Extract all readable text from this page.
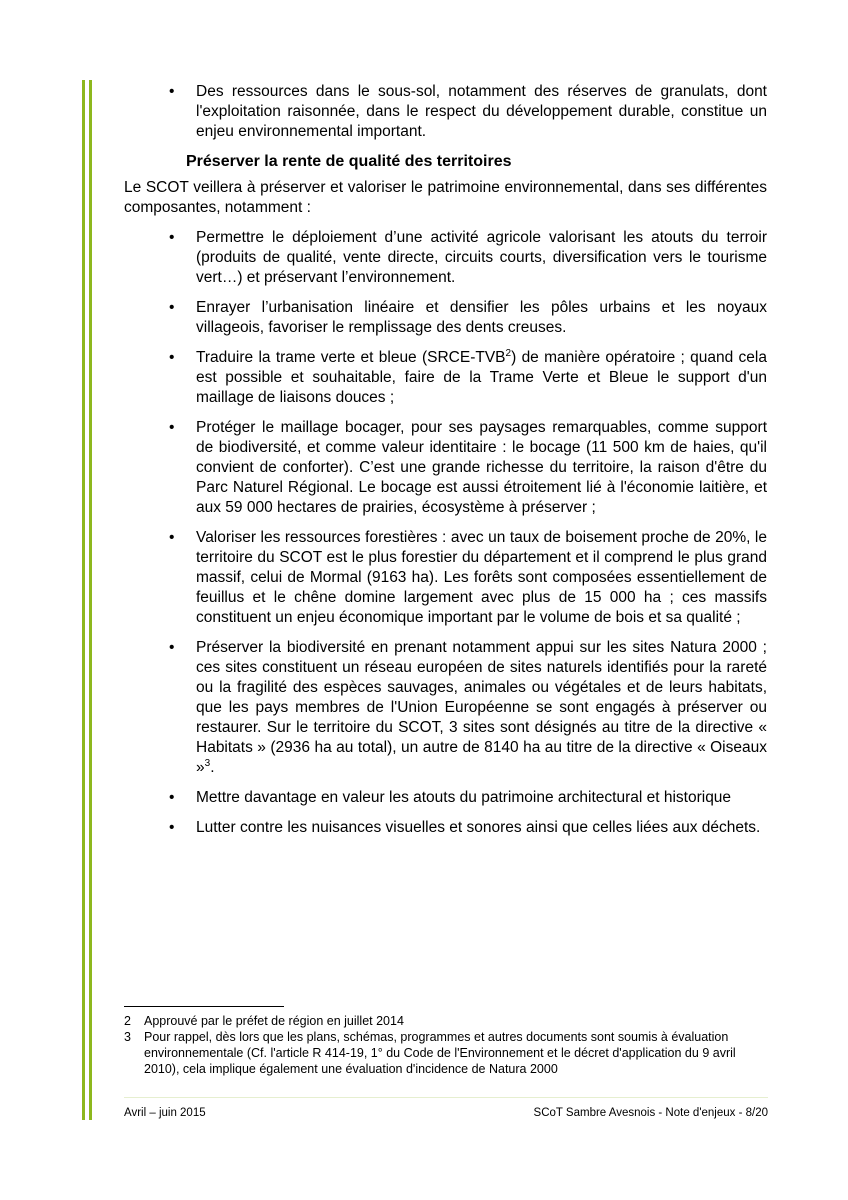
• Des ressources dans le sous-sol, notamment des réserves de granulats, dont l'exploitation raisonnée, dans le respect du développement durable, constitue un enjeu environnemental important.
Préserver la rente de qualité des territoires

Le SCOT veillera à préserver et valoriser le patrimoine environnemental, dans ses différentes composantes, notamment :

• Permettre le déploiement d’une activité agricole valorisant les atouts du terroir (produits de qualité, vente directe, circuits courts, diversification vers le tourisme vert…) et préservant l’environnement.
• Enrayer l’urbanisation linéaire et densifier les pôles urbains et les noyaux villageois, favoriser le remplissage des dents creuses.
• Traduire la trame verte et bleue (SRCE-TVB$^2$) de manière opératoire ; quand cela est possible et souhaitable, faire de la Trame Verte et Bleue le support d'un maillage de liaisons douces ;
• Protéger le maillage bocager, pour ses paysages remarquables, comme support de biodiversité, et comme valeur identitaire : le bocage (11 500 km de haies, qu'il convient de conforter). C’est une grande richesse du territoire, la raison d'être du Parc Naturel Régional. Le bocage est aussi étroitement lié à l'économie laitière, et aux 59 000 hectares de prairies, écosystème à préserver ;
• Valoriser les ressources forestières : avec un taux de boisement proche de 20%, le territoire du SCOT est le plus forestier du département et il comprend le plus grand massif, celui de Mormal (9163 ha). Les forêts sont composées essentiellement de feuillus et le chêne domine largement avec plus de 15 000 ha ; ces massifs constituent un enjeu économique important par le volume de bois et sa qualité ;
• Préserver la biodiversité en prenant notamment appui sur les sites Natura 2000 ; ces sites constituent un réseau européen de sites naturels identifiés pour la rareté ou la fragilité des espèces sauvages, animales ou végétales et de leurs habitats, que les pays membres de l'Union Européenne se sont engagés à préserver ou restaurer. Sur le territoire du SCOT, 3 sites sont désignés au titre de la directive « Habitats » (2936 ha au total), un autre de 8140 ha au titre de la directive « Oiseaux »$^3$.
• Mettre davantage en valeur les atouts du patrimoine architectural et historique
• Lutter contre les nuisances visuelles et sonores ainsi que celles liées aux déchets.
2 Approuvé par le préfet de région en juillet 2014
3 Pour rappel, dès lors que les plans, schémas, programmes et autres documents sont soumis à évaluation environnementale (Cf. l'article R 414-19, 1° du Code de l'Environnement et le décret d'application du 9 avril 2010), cela implique également une évaluation d'incidence de Natura 2000
Avril – juin 2015	SCoT Sambre Avesnois - Note d'enjeux - 8/20
